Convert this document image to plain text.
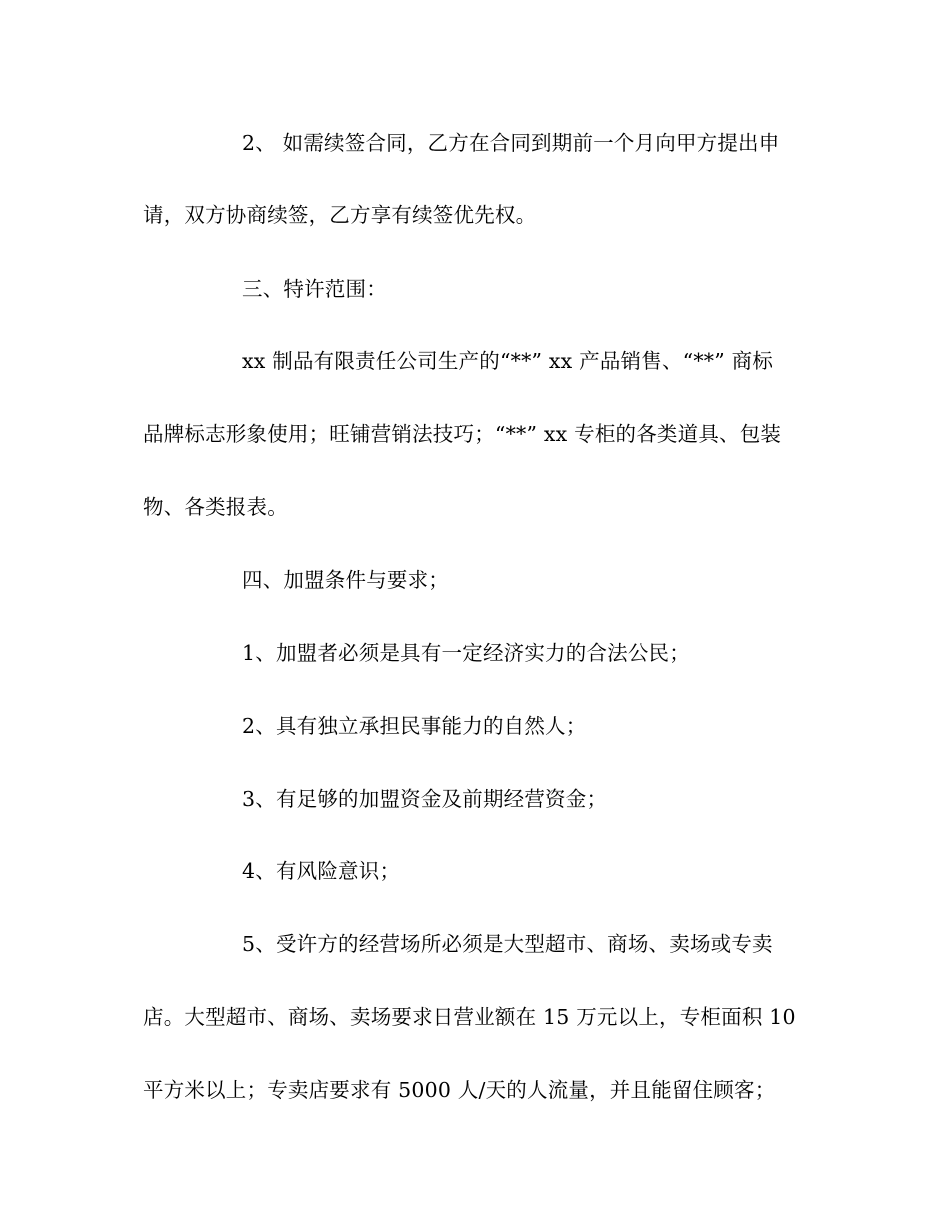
2、 如需续签合同，乙方在合同到期前一个月向甲方提出申
请，双方协商续签，乙方享有续签优先权。
三、特许范围：
xx 制品有限责任公司生产的“**” xx 产品销售、“**” 商标
品牌标志形象使用；旺铺营销法技巧；“**” xx 专柜的各类道具、包装
物、各类报表。
四、加盟条件与要求；
1、加盟者必须是具有一定经济实力的合法公民；
2、具有独立承担民事能力的自然人；
3、有足够的加盟资金及前期经营资金；
4、有风险意识；
5、受许方的经营场所必须是大型超市、商场、卖场或专卖
店。大型超市、商场、卖场要求日营业额在 15 万元以上，专柜面积 10
平方米以上；专卖店要求有 5000 人/天的人流量，并且能留住顾客；
